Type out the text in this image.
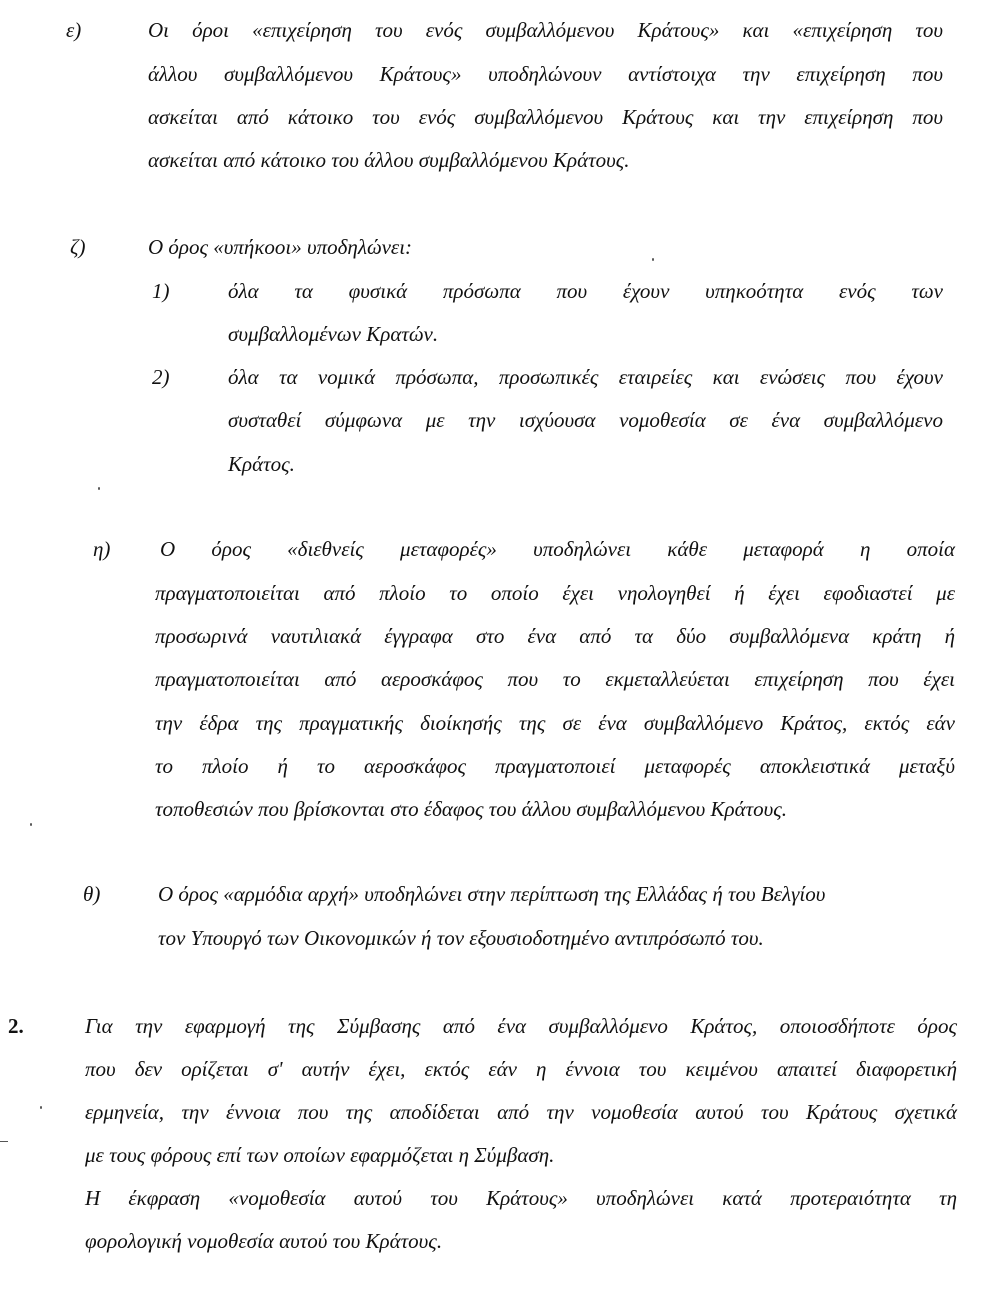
ε)	Οι όροι «επιχείρηση του ενός συμβαλλόμενου Κράτους» και «επιχείρηση του
άλλου συμβαλλόμενου Κράτους» υποδηλώνουν αντίστοιχα την επιχείρηση που
ασκείται από κάτοικο του ενός συμβαλλόμενου Κράτους και την επιχείρηση που
ασκείται από κάτοικο του άλλου συμβαλλόμενου Κράτους.
ζ)	Ο όρος «υπήκοοι» υποδηλώνει:
1)	όλα τα φυσικά πρόσωπα που έχουν υπηκοότητα ενός των
συμβαλλομένων Κρατών.
2)	όλα τα νομικά πρόσωπα, προσωπικές εταιρείες και ενώσεις που έχουν
συσταθεί σύμφωνα με την ισχύουσα νομοθεσία σε ένα συμβαλλόμενο
Κράτος.
η) Ο όρος «διεθνείς μεταφορές» υποδηλώνει κάθε μεταφορά η οποία
πραγματοποιείται από πλοίο το οποίο έχει νηολογηθεί ή έχει εφοδιαστεί με
προσωρινά ναυτιλιακά έγγραφα στο ένα από τα δύο συμβαλλόμενα κράτη ή
πραγματοποιείται από αεροσκάφος που το εκμεταλλεύεται επιχείρηση που έχει
την έδρα της πραγματικής διοίκησής της σε ένα συμβαλλόμενο Κράτος, εκτός εάν
το πλοίο ή το αεροσκάφος πραγματοποιεί μεταφορές αποκλειστικά μεταξύ
τοποθεσιών που βρίσκονται στο έδαφος του άλλου συμβαλλόμενου Κράτους.
θ)	Ο όρος «αρμόδια αρχή» υποδηλώνει στην περίπτωση της Ελλάδας ή του Βελγίου
τον Υπουργό των Οικονομικών ή τον εξουσιοδοτημένο αντιπρόσωπό του.
2.	Για την εφαρμογή της Σύμβασης από ένα συμβαλλόμενο Κράτος, οποιοσδήποτε όρος
που δεν ορίζεται σ' αυτήν έχει, εκτός εάν η έννοια του κειμένου απαιτεί διαφορετική
ερμηνεία, την έννοια που της αποδίδεται από την νομοθεσία αυτού του Κράτους σχετικά
με τους φόρους επί των οποίων εφαρμόζεται η Σύμβαση.
Η έκφραση «νομοθεσία αυτού του Κράτους» υποδηλώνει κατά προτεραιότητα τη
φορολογική νομοθεσία αυτού του Κράτους.
